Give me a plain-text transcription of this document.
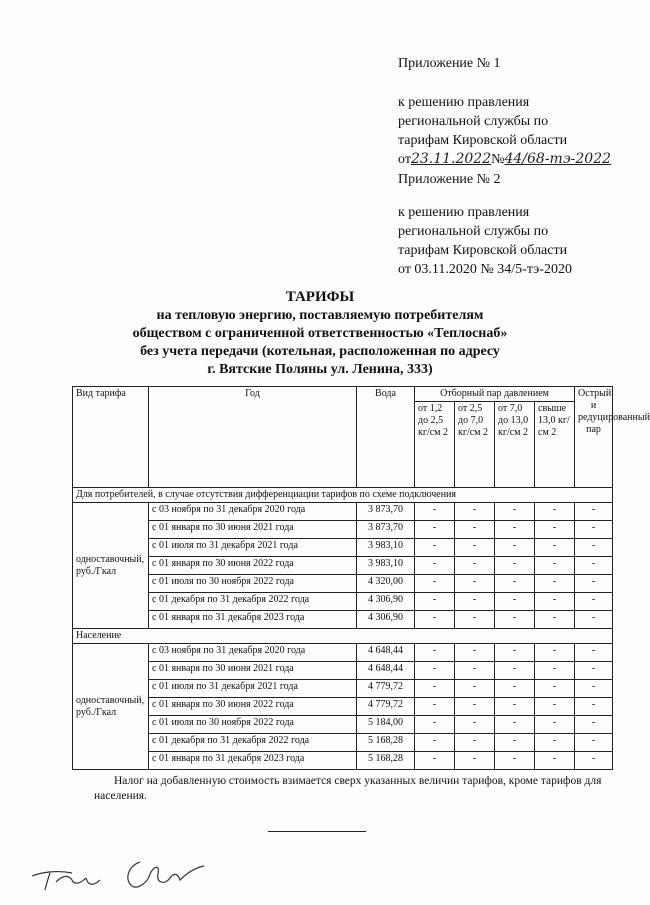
Приложение № 1
к решению правления
региональной службы по
тарифам Кировской области
от23.11.2022№44/68-тэ-2022
Приложение № 2
к решению правления
региональной службы по
тарифам Кировской области
от 03.11.2020 № 34/5-тэ-2020
ТАРИФЫ
на тепловую энергию, поставляемую потребителям
обществом с ограниченной ответственностью «Теплоснаб»
без учета передачи (котельная, расположенная по адресу
г. Вятские Поляны ул. Ленина, 333)
Вид тарифа	Год	Вода	Отборный пар давлением				Острый и редуцированный пар
			от 1,2 до 2,5 кг/см 2	от 2,5 до 7,0 кг/см 2	от 7,0 до 13,0 кг/см 2	свыше 13,0 кг/см 2	
Для потребителей, в случае отсутствия дифференциации тарифов по схеме подключения							
одноставочный, руб./Гкал	с 03 ноября по 31 декабря 2020 года	3 873,70	-	-	-	-	-
	с 01 января по 30 июня 2021 года	3 873,70	-	-	-	-	-
	с 01 июля по 31 декабря 2021 года	3 983,10	-	-	-	-	-
	с 01 января по 30 июня 2022 года	3 983,10	-	-	-	-	-
	с 01 июля по 30 ноября 2022 года	4 320,00	-	-	-	-	-
	с 01 декабря по 31 декабря 2022 года	4 306,90	-	-	-	-	-
	с 01 января по 31 декабря 2023 года	4 306,90	-	-	-	-	-
Население							
одноставочный, руб./Гкал	с 03 ноября по 31 декабря 2020 года	4 648,44	-	-	-	-	-
	с 01 января по 30 июня 2021 года	4 648,44	-	-	-	-	-
	с 01 июля по 31 декабря 2021 года	4 779,72	-	-	-	-	-
	с 01 января по 30 июня 2022 года	4 779,72	-	-	-	-	-
	с 01 июля по 30 ноября 2022 года	5 184,00	-	-	-	-	-
	с 01 декабря по 31 декабря 2022 года	5 168,28	-	-	-	-	-
	с 01 января по 31 декабря 2023 года	5 168,28	-	-	-	-	-
Налог на добавленную стоимость взимается сверх указанных величин тарифов, кроме тарифов для населения.
